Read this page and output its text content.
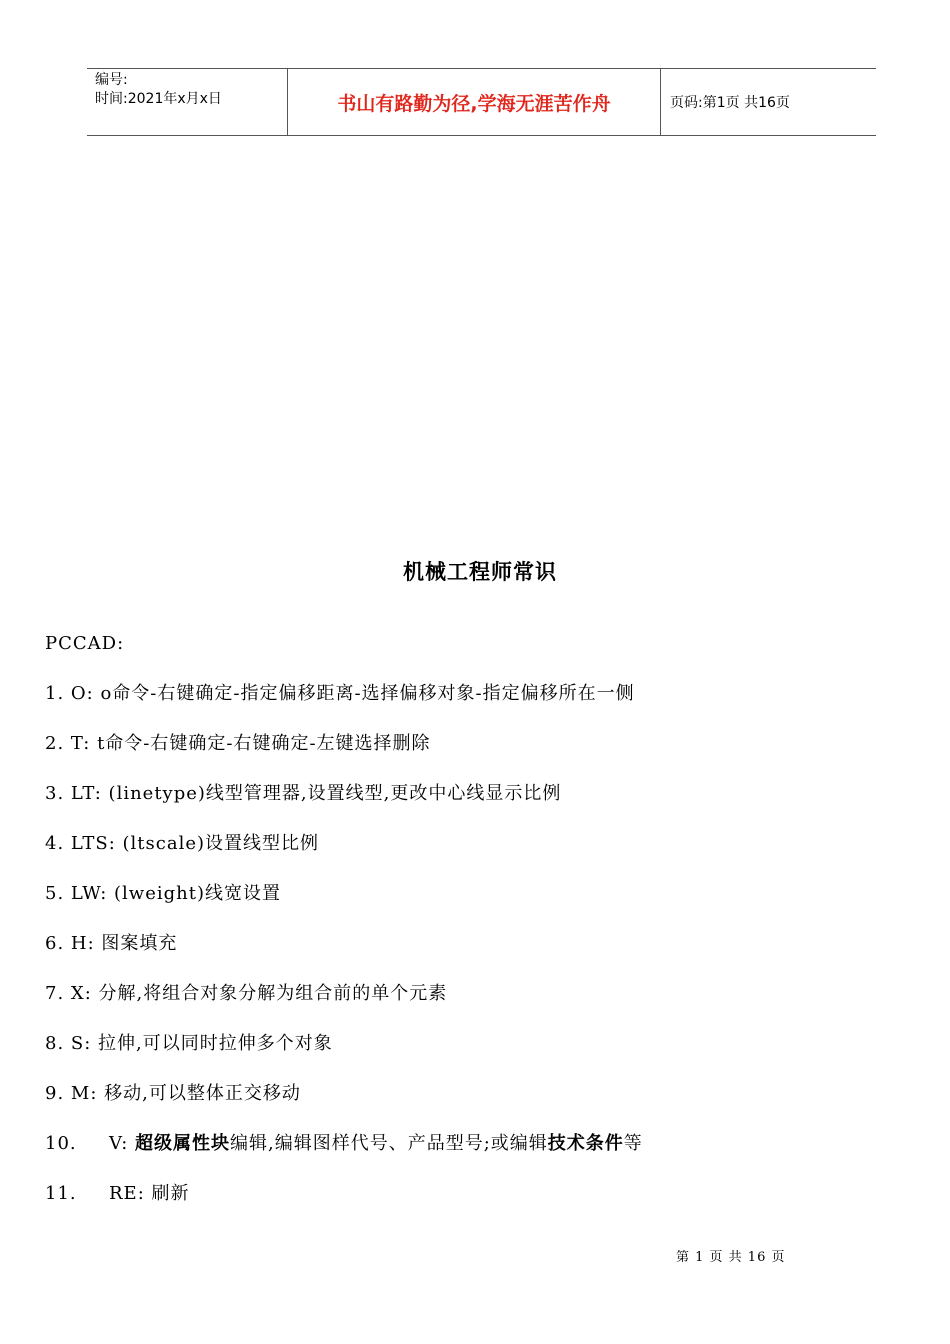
编号:
时间:2021年x月x日	书山有路勤为径,学海无涯苦作舟	页码:第1页 共16页
机械工程师常识
PCCAD:
1. O: o命令-右键确定-指定偏移距离-选择偏移对象-指定偏移所在一侧
2. T: t命令-右键确定-右键确定-左键选择删除
3. LT: (linetype)线型管理器,设置线型,更改中心线显示比例
4. LTS: (ltscale)设置线型比例
5. LW: (lweight)线宽设置
6. H: 图案填充
7. X: 分解,将组合对象分解为组合前的单个元素
8. S: 拉伸,可以同时拉伸多个对象
9. M: 移动,可以整体正交移动
10. V: 超级属性块编辑,编辑图样代号、产品型号;或编辑技术条件等
11. RE: 刷新
第 1 页 共 16 页
